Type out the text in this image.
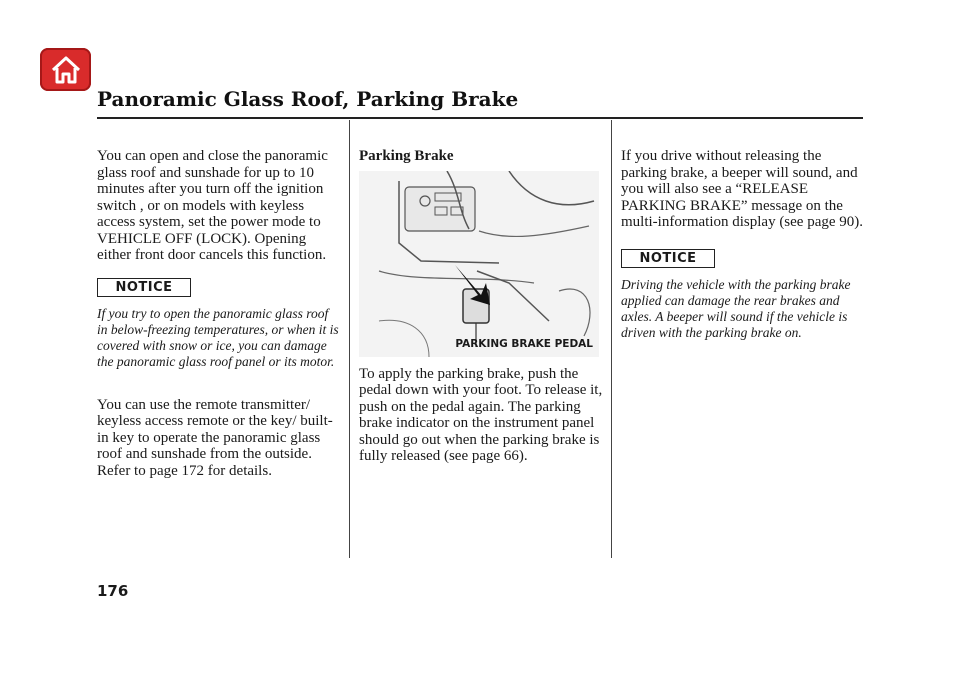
Panoramic Glass Roof, Parking Brake

You can open and close the panoramic glass roof and sunshade for up to 10 minutes after you turn off the ignition switch , or on models with keyless access system, set the power mode to VEHICLE OFF (LOCK). Opening either front door cancels this function.

NOTICE

If you try to open the panoramic glass roof in below-freezing temperatures, or when it is covered with snow or ice, you can damage the panoramic glass roof panel or its motor.

You can use the remote transmitter/ keyless access remote or the key/ built-in key to operate the panoramic glass roof and sunshade from the outside. Refer to page 172 for details.

Parking Brake

PARKING BRAKE PEDAL

To apply the parking brake, push the pedal down with your foot. To release it, push on the pedal again. The parking brake indicator on the instrument panel should go out when the parking brake is fully released (see page 66).

If you drive without releasing the parking brake, a beeper will sound, and you will also see a “RELEASE PARKING BRAKE” message on the multi-information display (see page 90).

NOTICE

Driving the vehicle with the parking brake applied can damage the rear brakes and axles. A beeper will sound if the vehicle is driven with the parking brake on.

176
